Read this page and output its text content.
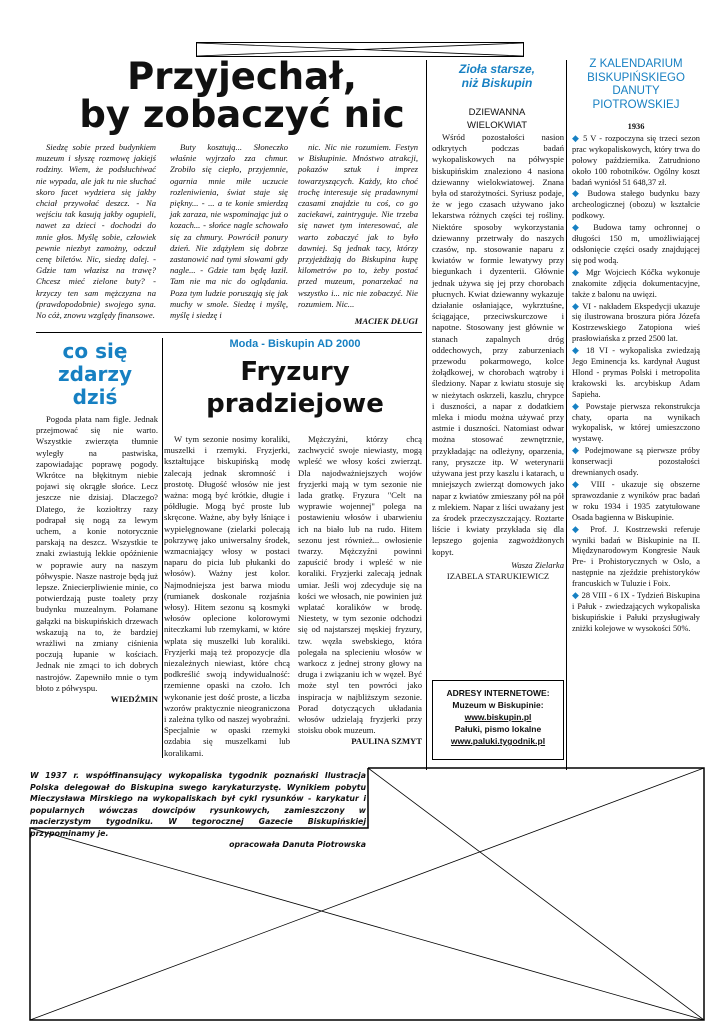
Przyjechał,
by zobaczyć nic

Siedzę sobie przed budynkiem muzeum i słyszę rozmowę jakiejś rodziny. Wiem, że podsłuchiwać nie wypada, ale jak tu nie słuchać skoro facet wydziera się jakby chciał przywołać deszcz. - Na wejściu tak kasują jakby ogupieli, nawet za dzieci - dochodzi do mnie głos. Myślę sobie, człowiek pewnie niezbyt zamożny, odczuł cenę biletów. Nic, siedzę dalej. - Gdzie tam włazisz na trawę? Chcesz mieć zielone buty? - krzyczy ten sam mężczyzna na (prawdopodobnie) swojego syna. No cóż, znowu względy finansowe.

Buty kosztują... Słoneczko właśnie wyjrzało zza chmur. Zrobiło się ciepło, przyjemnie, ogarnia mnie miłe uczucie rozleniwienia, świat staje się piękny... - ... a te konie smierdzą jak zaraza, nie wspominając już o kozach... - słońce nagle schowało się za chmury. Powrócił ponury dzień. Nie zdążyłem się dobrze zastanowić nad tymi słowami gdy nagle... - Gdzie tam będę łaził. Tam nie ma nic do oglądania. Poza tym ludzie porusząją się jak muchy w smole. Siedzę i myślę, myślę i siedzę i

nic. Nic nie rozumiem. Festyn w Biskupinie. Mnóstwo atrakcji, pokazów sztuk i imprez towarzyszących. Każdy, kto choć trochę interesuje się pradawnymi czasami znajdzie tu coś, co go zaciekawi, zaintryguje. Nie trzeba się nawet tym interesować, ale warto zobaczyć jak to było dawniej. Są jednak tacy, którzy przyjeżdżają do Biskupina kupę kilometrów po to, żeby postać przed muzeum, ponarzekać na wszystko i... nic nie zobaczyć. Nie rozumiem. Nic...

MACIEK DŁUGI

Zioła starsze,
niż Biskupin
DZIEWANNA
WIELOKWIAT

Wśród pozostałości nasion odkrytych podczas badań wykopaliskowych na półwyspie biskupińskim znaleziono 4 nasiona dziewanny wielokwiatowej. Znana była od starożytności. Syriusz podaje, że w jego czasach używano jako lekarstwa różnych części tej rośliny. Niektóre sposoby wykorzystania dziewanny przetrwały do naszych czasów, np. stosowanie naparu z kwiatów w formie lewatywy przy biegunkach i dyzenterii. Głównie jednak używa się jej przy chorobach płucnych. Kwiat dziewanny wykazuje działanie osłaniające, wykrztuśne, ściągające, przeciwskurczowe i napotne. Stosowany jest głównie w stanach zapalnych dróg oddechowych, przy zaburzeniach przewodu pokarmowego, kolce żołądkowej, w chorobach wątroby i śledziony. Napar z kwiatu stosuje się w nieżytach oskrzeli, kaszlu, chrypce i duszności, a napar z dodatkiem mleka i miodu można używać przy astmie i duszności. Natomiast odwar można stosować zewnętrznie, przykładając na odleżyny, oparzenia, rany, pryszcze itp. W weterynarii używana jest przy kaszlu i katarach, u mniejszych zwierząt domowych jako napar z kwiatów zmieszany pół na pół z mlekiem. Napar z liści uważany jest za środek przeczyszczający. Roztarte liście i kwiaty przykłada się dla lepszego gojenia zagwożdżonych kopyt.

Wasza Zielarka

IZABELA STARUKIEWICZ

ADRESY INTERNETOWE:
Muzeum w Biskupinie:
www.biskupin.pl
Pałuki, pismo lokalne
www.paluki.tygodnik.pl
Z KALENDARIUM
BISKUPIŃSKIEGO
DANUTY
PIOTROWSKIEJ

1936

◆ 5 V - rozpoczyna się trzeci sezon prac wykopaliskowych, który trwa do połowy października. Zatrudniono około 100 robotników. Ogólny koszt badań wyniósł 51 648,37 zł.

◆ Budowa stałego budynku bazy archeologicznej (obozu) w kształcie podkowy.

◆ Budowa tamy ochronnej o długości 150 m, umożliwiającej odsłonięcie części osady znajdującej się pod wodą.

◆ Mgr Wojciech Kóčka wykonuje znakomite zdjęcia dokumentacyjne, także z balonu na uwięzi.

◆ VI - nakładem Ekspedycji ukazuje się ilustrowana broszura pióra Józefa Kostrzewskiego Zatopiona wieś prasłowiańska z przed 2500 lat.

◆ 18 VI - wykopaliska zwiedzają Jego Eminencja ks. kardynał August Hlond - prymas Polski i metropolita krakowski ks. arcybiskup Adam Sapieha.

◆ Powstaje pierwsza rekonstrukcja chaty, oparta na wynikach wykopalisk, w której umieszczono wystawę.

◆ Podejmowane są pierwsze próby konserwacji pozostałości drewnianych osady.

◆ VIII - ukazuje się obszerne sprawozdanie z wyników prac badań w roku 1934 i 1935 zatytułowane Osada bagienna w Biskupinie.

◆ Prof. J. Kostrzewski referuje wyniki badań w Biskupinie na II. Międzynarodowym Kongresie Nauk Pre- i Prohistorycznych w Oslo, a następnie na zjeździe prehistoryków francuskich w Tuluzie i Foix.

◆ 28 VIII - 6 IX - Tydzień Biskupina i Pałuk - zwiedzających wykopaliska biskupińskie i Pałuki przysługiwały zniżki kolejowe w wysokości 50%.

co się
zdarzy
dziś

Pogoda płata nam figle. Jednak przejmować się nie warto. Wszystkie zwierzęta tłumnie wyległy na pastwiska, zapowiadając poprawę pogody. Wkrótce na błękitnym niebie pojawi się okrągłe słońce. Lecz jeszcze nie dzisiaj. Dlaczego? Dlatego, że koziołtrzy razy podrapał się nogą za lewym uchem, a konie notorycznie parskają na deszcz. Wszystkie te znaki zwiastują lekkie opóźnienie w poprawie aury na naszym półwyspie. Nasze nastroje będą już lepsze. Zniecierpliwienie minie, co potwierdzają puste toalety przy budynku muzealnym. Połamane gałązki na biskupińskich drzewach wskazują na to, że bardziej wrażliwi na zmiany ciśnienia poczują łupanie w kościach. Jednak nie zmąci to ich dobrych nastrojów. Zapewniło mnie o tym błoto z półwyspu.

WIEDŹMIN

Moda - Biskupin AD 2000
Fryzury
pradziejowe

W tym sezonie nosimy koraliki, muszelki i rzemyki. Fryzjerki, kształtujące biskupińską modę zalecają jednak skromność i prostotę. Długość włosów nie jest ważna: mogą być krótkie, długie i półdługie. Mogą być proste lub skręcone. Ważne, aby były lśniące i wypielęgnowane (zielarki polecają pokrzywę jako uniwersalny środek, wzmacniający włosy w postaci naparu do picia lub płukanki do włosów). Ważny jest kolor. Najmodniejsza jest barwa miodu (rumianek doskonale rozjaśnia włosy). Hitem sezonu są kosmyki włosów oplecione kolorowymi niteczkami lub rzemykami, w które wplata się muszelki lub koraliki. Fryzjerki mają też propozycje dla niezależnych niewiast, które chcą podkreślić swoją indywidualność: rzemienne opaski na czoło. Ich wykonanie jest dość proste, a liczba wzorów praktycznie nieograniczona i zależna tylko od naszej wyobraźni. Specjalnie w opaski rzemyki ozdabia się muszelkami lub koralikami.

Mężczyźni, którzy chcą zachwycić swoje niewiasty, mogą wpleść we włosy kości zwierząt. Dla najodważniejszych wojów fryzjerki mają w tym sezonie nie lada gratkę. Fryzura "Celt na wyprawie wojennej" polega na postawieniu włosów i ubarwieniu ich na biało lub na rudo. Hitem sezonu jest również... owłosienie twarzy. Mężczyźni powinni zapuścić brody i wpleść w nie koraliki. Fryzjerki zalecają jednak umiar. Jeśli woj zdecyduje się na kości we włosach, nie powinien już wplatać koralików w brodę. Niestety, w tym sezonie odchodzi się od najstarszej męskiej fryzury, tzw. węzła swebskiego, która polegała na splecieniu włosów w warkocz z jednej strony głowy na druga i związaniu ich w węzeł. Być może styl ten powróci jako inspiracja w najbliższym sezonie. Porad dotyczących układania włosów udzielają fryzjerki przy stoisku obok muzeum.

PAULINA SZMYT

W 1937 r. współfinansujący wykopaliska tygodnik poznański Ilustracja Polska delegował do Biskupina swego karykaturzystę. Wynikiem pobytu Mieczysława Mirskiego na wykopaliskach był cykl rysunków - karykatur i popularnych wówczas dowcipów rysunkowych, zamieszczony w macierzystym tygodniku. W tegorocznej Gazecie Biskupińskiej przypominamy je.

opracowała Danuta Piotrowska
